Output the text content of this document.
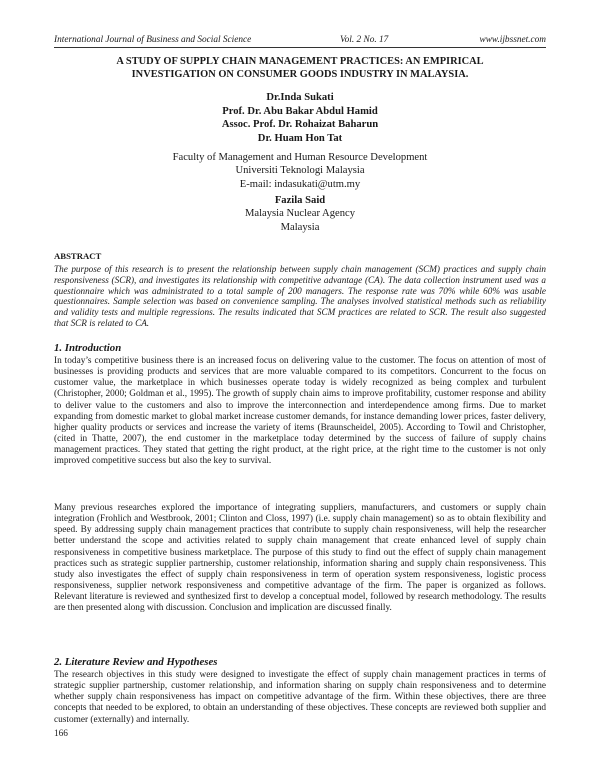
International Journal of Business and Social Science	Vol. 2 No. 17	www.ijbssnet.com
A STUDY OF SUPPLY CHAIN MANAGEMENT PRACTICES: AN EMPIRICAL
INVESTIGATION ON CONSUMER GOODS INDUSTRY IN MALAYSIA.
Dr.Inda Sukati
Prof. Dr. Abu Bakar Abdul Hamid
Assoc. Prof. Dr. Rohaizat Baharun
Dr. Huam Hon Tat
Faculty of Management and Human Resource Development
Universiti Teknologi Malaysia
E-mail: indasukati@utm.my
Fazila Said
Malaysia Nuclear Agency
Malaysia
ABSTRACT
The purpose of this research is to present the relationship between supply chain management (SCM) practices and supply chain responsiveness (SCR), and investigates its relationship with competitive advantage (CA). The data collection instrument used was a questionnaire which was administrated to a total sample of 200 managers. The response rate was 70% while 60% was usable questionnaires. Sample selection was based on convenience sampling. The analyses involved statistical methods such as reliability and validity tests and multiple regressions. The results indicated that SCM practices are related to SCR. The result also suggested that SCR is related to CA.
1. Introduction
In today’s competitive business there is an increased focus on delivering value to the customer. The focus on attention of most of businesses is providing products and services that are more valuable compared to its competitors. Concurrent to the focus on customer value, the marketplace in which businesses operate today is widely recognized as being complex and turbulent (Christopher, 2000; Goldman et al., 1995). The growth of supply chain aims to improve profitability, customer response and ability to deliver value to the customers and also to improve the interconnection and interdependence among firms. Due to market expanding from domestic market to global market increase customer demands, for instance demanding lower prices, faster delivery, higher quality products or services and increase the variety of items (Braunscheidel, 2005). According to Towil and Christopher, (cited in Thatte, 2007), the end customer in the marketplace today determined by the success of failure of supply chains management practices. They stated that getting the right product, at the right price, at the right time to the customer is not only improved competitive success but also the key to survival.
Many previous researches explored the importance of integrating suppliers, manufacturers, and customers or supply chain integration (Frohlich and Westbrook, 2001; Clinton and Closs, 1997) (i.e. supply chain management) so as to obtain flexibility and speed. By addressing supply chain management practices that contribute to supply chain responsiveness, will help the researcher better understand the scope and activities related to supply chain management that create enhanced level of supply chain responsiveness in competitive business marketplace. The purpose of this study to find out the effect of supply chain management practices such as strategic supplier partnership, customer relationship, information sharing and supply chain responsiveness. This study also investigates the effect of supply chain responsiveness in term of operation system responsiveness, logistic process responsiveness, supplier network responsiveness and competitive advantage of the firm. The paper is organized as follows. Relevant literature is reviewed and synthesized first to develop a conceptual model, followed by research methodology. The results are then presented along with discussion. Conclusion and implication are discussed finally.
2. Literature Review and Hypotheses
The research objectives in this study were designed to investigate the effect of supply chain management practices in terms of strategic supplier partnership, customer relationship, and information sharing on supply chain responsiveness and to determine whether supply chain responsiveness has impact on competitive advantage of the firm. Within these objectives, there are three concepts that needed to be explored, to obtain an understanding of these objectives. These concepts are reviewed both supplier and customer (externally) and internally.
166
